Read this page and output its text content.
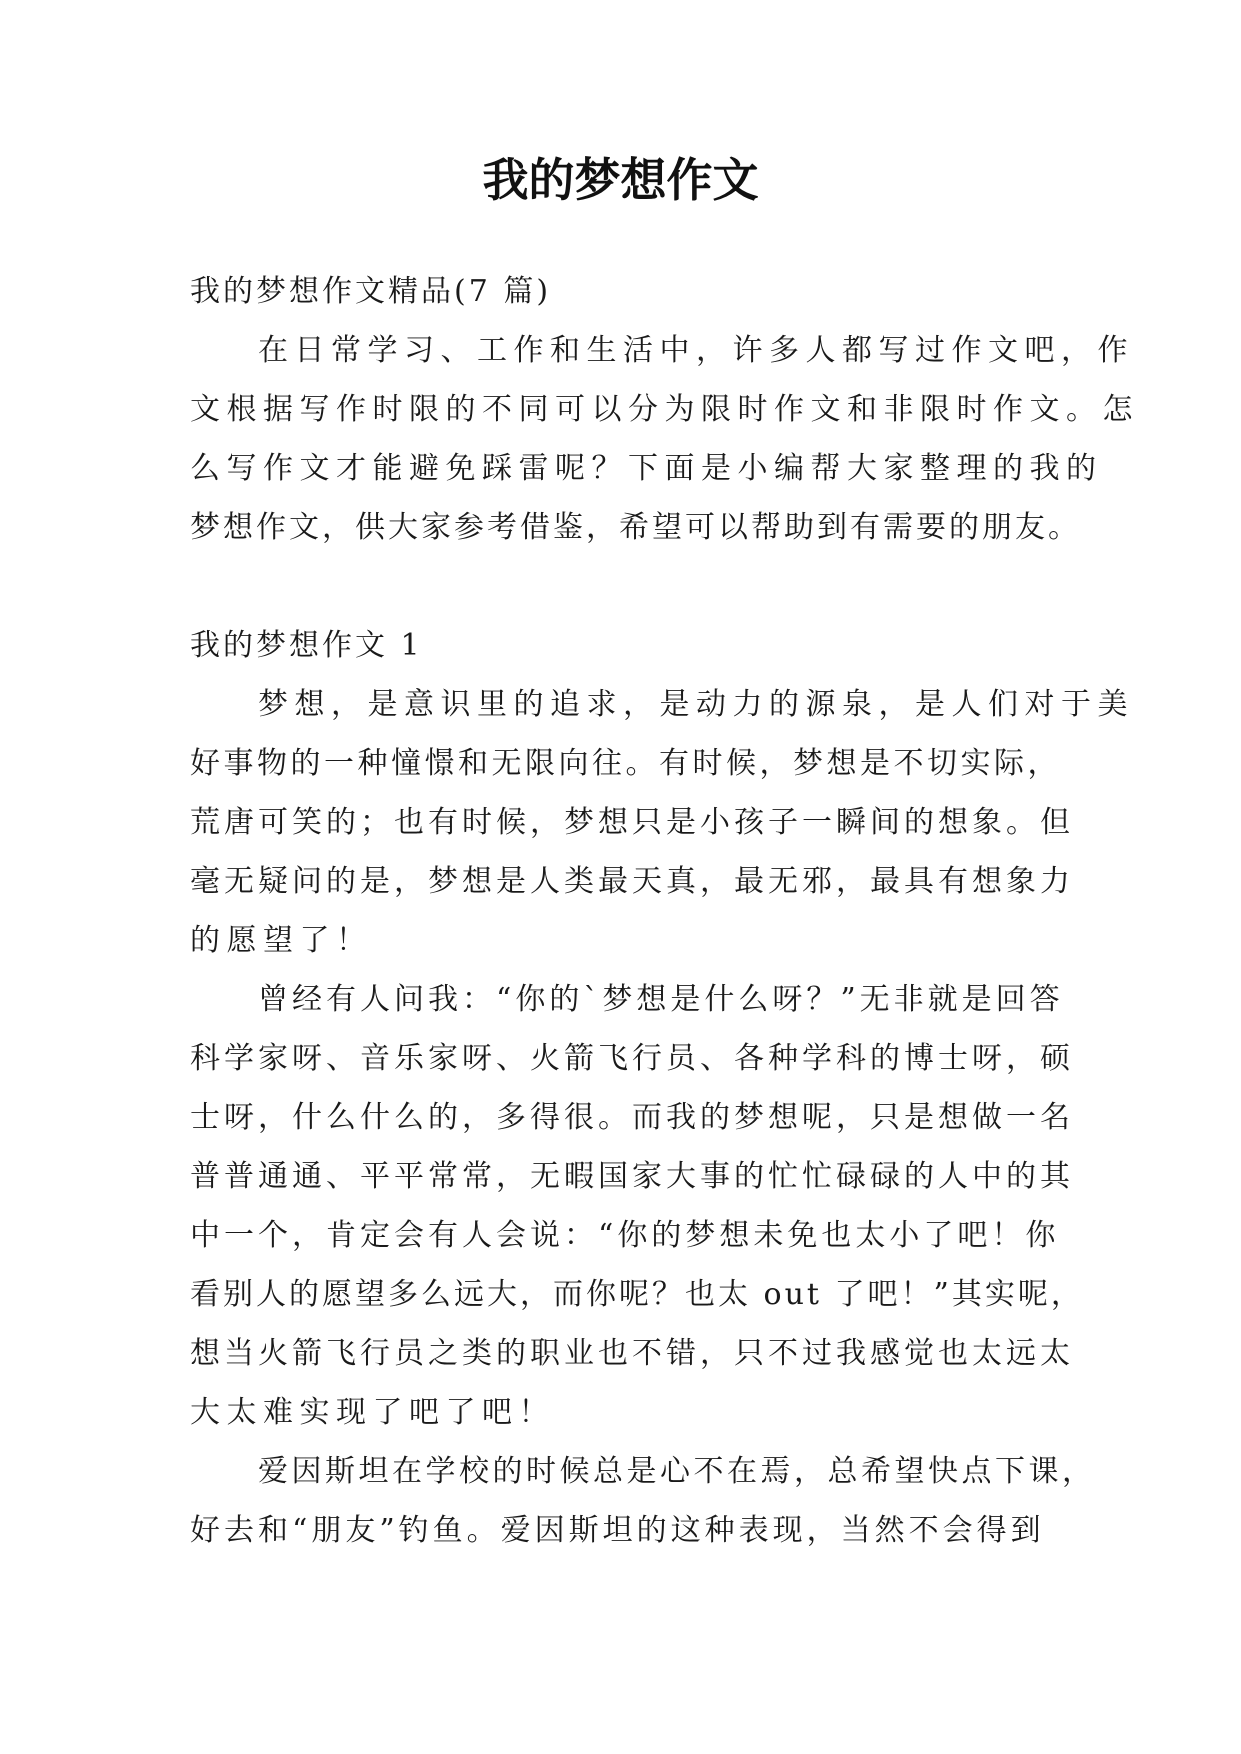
我的梦想作文

我的梦想作文精品(7 篇)

在日常学习、工作和生活中，许多人都写过作文吧，作

文根据写作时限的不同可以分为限时作文和非限时作文。怎

么写作文才能避免踩雷呢？下面是小编帮大家整理的我的

梦想作文，供大家参考借鉴，希望可以帮助到有需要的朋友。

我的梦想作文 1

梦想，是意识里的追求，是动力的源泉，是人们对于美

好事物的一种憧憬和无限向往。有时候，梦想是不切实际，

荒唐可笑的；也有时候，梦想只是小孩子一瞬间的想象。但

毫无疑问的是，梦想是人类最天真，最无邪，最具有想象力

的愿望了！

曾经有人问我：“你的`梦想是什么呀？”无非就是回答

科学家呀、音乐家呀、火箭飞行员、各种学科的博士呀，硕

士呀，什么什么的，多得很。而我的梦想呢，只是想做一名

普普通通、平平常常，无暇国家大事的忙忙碌碌的人中的其

中一个，肯定会有人会说：“你的梦想未免也太小了吧！你

看别人的愿望多么远大，而你呢？也太 out 了吧！”其实呢，

想当火箭飞行员之类的职业也不错，只不过我感觉也太远太

大太难实现了吧了吧！

爱因斯坦在学校的时候总是心不在焉，总希望快点下课，

好去和“朋友”钓鱼。爱因斯坦的这种表现，当然不会得到
